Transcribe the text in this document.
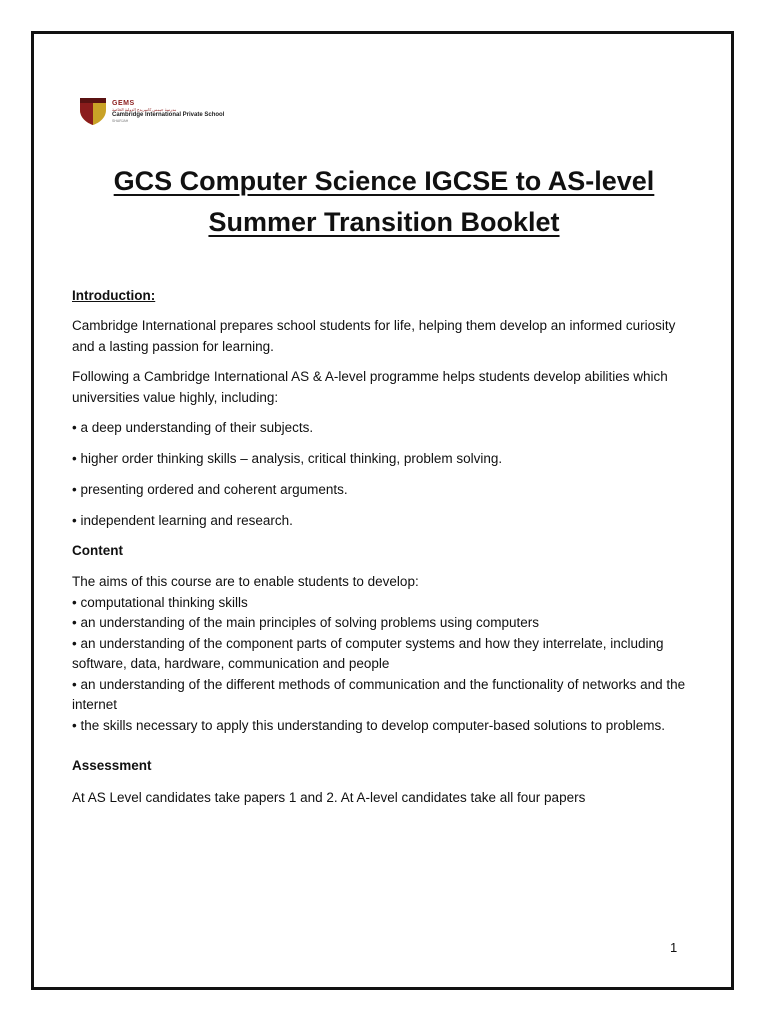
GEMS
مدرسة جيمس كامبريدج الدولية الخاصة
Cambridge International Private School
SHARJAH
GCS Computer Science IGCSE to AS-level
Summer Transition Booklet

Introduction:

Cambridge International prepares school students for life, helping them develop an informed curiosity and a lasting passion for learning.
Following a Cambridge International AS & A-level programme helps students develop abilities which universities value highly, including:
• a deep understanding of their subjects.
• higher order thinking skills – analysis, critical thinking, problem solving.
• presenting ordered and coherent arguments.
• independent learning and research.
Content

The aims of this course are to enable students to develop:

• computational thinking skills

• an understanding of the main principles of solving problems using computers

• an understanding of the component parts of computer systems and how they interrelate, including software, data, hardware, communication and people

• an understanding of the different methods of communication and the functionality of networks and the internet

• the skills necessary to apply this understanding to develop computer-based solutions to problems.

Assessment
At AS Level candidates take papers 1 and 2. At A-level candidates take all four papers
1
